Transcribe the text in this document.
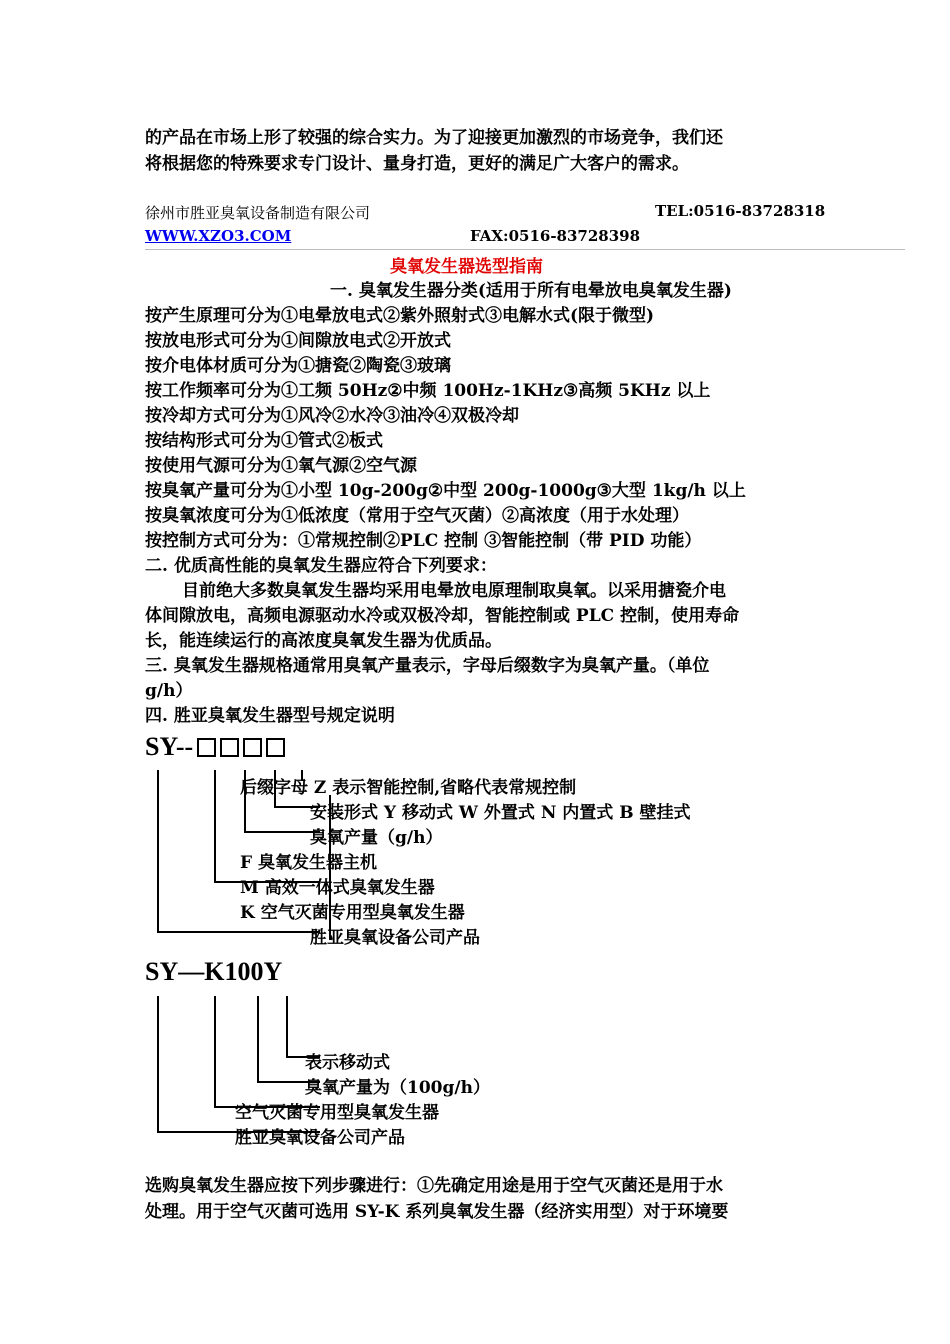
的产品在市场上形了较强的综合实力。为了迎接更加激烈的市场竞争，我们还
将根据您的特殊要求专门设计、量身打造，更好的满足广大客户的需求。
徐州市胜亚臭氧设备制造有限公司	TEL:0516-83728318
WWW.XZO3.COM	FAX:0516-83728398
臭氧发生器选型指南
一. 臭氧发生器分类(适用于所有电晕放电臭氧发生器)
按产生原理可分为①电晕放电式②紫外照射式③电解水式(限于微型)
按放电形式可分为①间隙放电式②开放式
按介电体材质可分为①搪瓷②陶瓷③玻璃
按工作频率可分为①工频 50Hz②中频 100Hz-1KHz③高频 5KHz 以上
按冷却方式可分为①风冷②水冷③油冷④双极冷却
按结构形式可分为①管式②板式
按使用气源可分为①氧气源②空气源
按臭氧产量可分为①小型 10g-200g②中型 200g-1000g③大型 1kg/h 以上
按臭氧浓度可分为①低浓度（常用于空气灭菌）②高浓度（用于水处理）
按控制方式可分为：①常规控制②PLC 控制 ③智能控制（带 PID 功能）
二. 优质高性能的臭氧发生器应符合下列要求：
目前绝大多数臭氧发生器均采用电晕放电原理制取臭氧。以采用搪瓷介电
体间隙放电，高频电源驱动水冷或双极冷却，智能控制或 PLC 控制，使用寿命
长，能连续运行的高浓度臭氧发生器为优质品。
三. 臭氧发生器规格通常用臭氧产量表示，字母后缀数字为臭氧产量。（单位
g/h）
四. 胜亚臭氧发生器型号规定说明
SY--
后缀字母 Z 表示智能控制,省略代表常规控制
安装形式 Y 移动式 W 外置式 N 内置式 B 壁挂式
臭氧产量（g/h）
F 臭氧发生器主机
M 高效一体式臭氧发生器
K 空气灭菌专用型臭氧发生器
胜亚臭氧设备公司产品
SY—K100Y
表示移动式
臭氧产量为（100g/h）
空气灭菌专用型臭氧发生器
胜亚臭氧设备公司产品
选购臭氧发生器应按下列步骤进行：①先确定用途是用于空气灭菌还是用于水
处理。用于空气灭菌可选用 SY-K 系列臭氧发生器（经济实用型）对于环境要
